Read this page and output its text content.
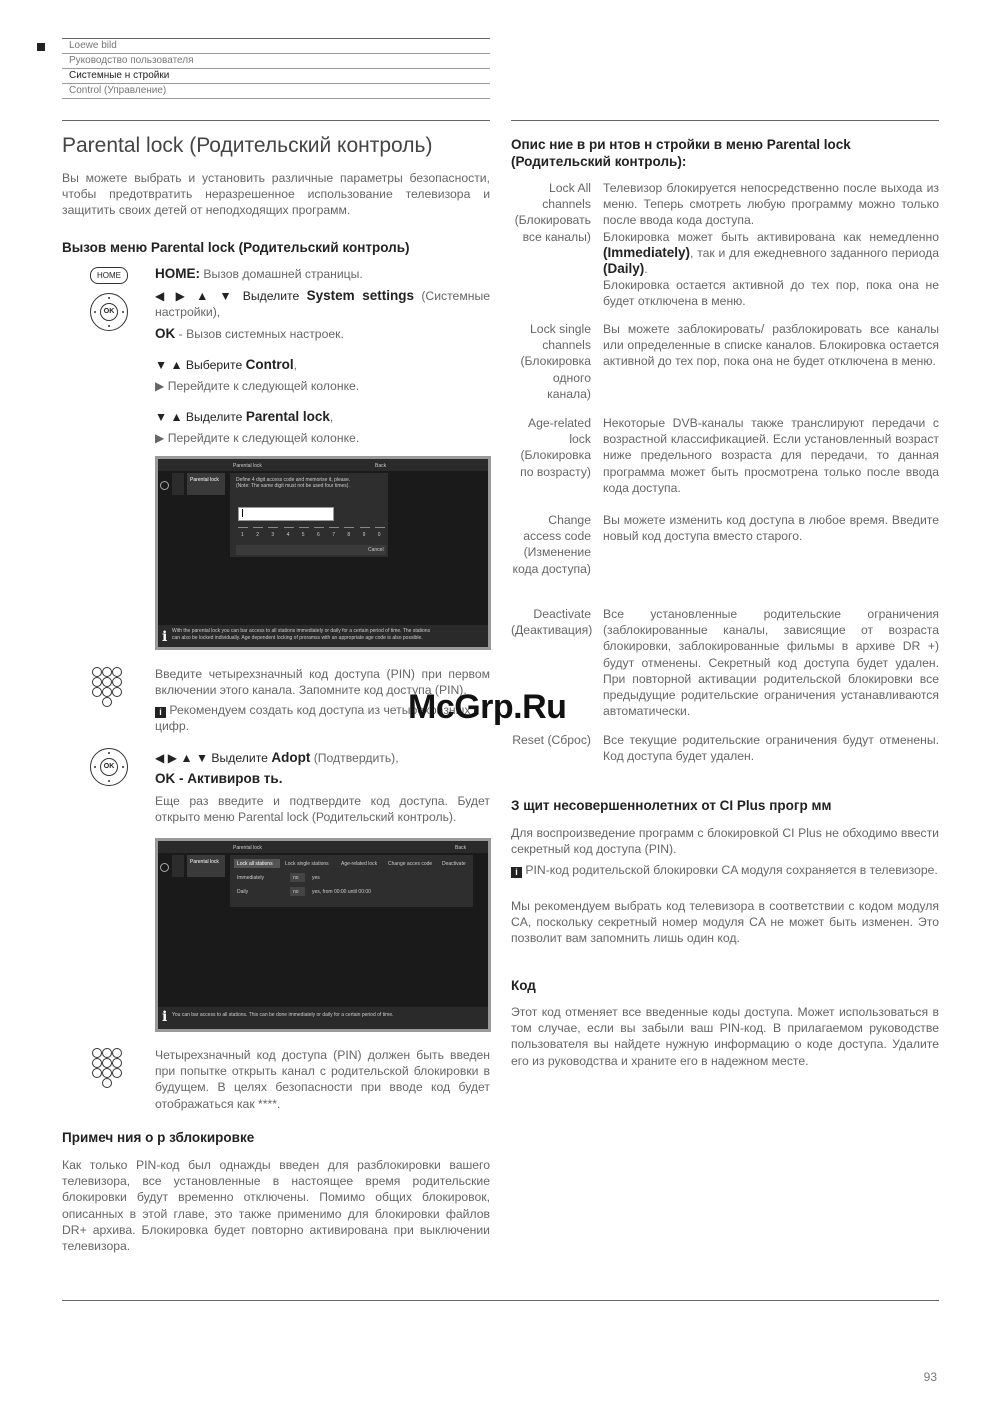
Loewe bild
Руководство пользователя
Системные н стройки
Control (Управление)
Parental lock (Родительский контроль)
Вы можете выбрать и установить различные параметры безопасности, чтобы предотвратить неразрешенное использование телевизора и защитить своих детей от неподходящих программ.
Вызов меню Parental lock (Родительский контроль)
HOME
OK
HOME: Вызов домашней страницы.
◀ ▶ ▲ ▼ Выделите System settings (Системные настройки),
OK - Вызов системных настроек.
▼ ▲ Выберите Control,
▶ Перейдите к следующей колонке.
▼ ▲ Выделите Parental lock,
▶ Перейдите к следующей колонке.
Parental lock	Back
Parental lock	Define 4 digit access code and memorise it, please.
(Note: The same digit must not be used four times).
1 2 3 4 5 6 7 8 9 0
Cancel
i With the parental lock you can bar access to all stations immediately or daily for a certain period of time. The stations
can also be locked individually. Age dependent locking of proramss with an appropriate age code is also possible.
Введите четырехзначный код доступа (PIN) при первом включении этого канала. Запомните код доступа (PIN).
i Рекомендуем создать код доступа из четырехразных цифр.
OK
◀ ▶ ▲ ▼ Выделите Adopt (Подтвердить),
OK - Активиров ть.
Еще раз введите и подтвердите код доступа. Будет открыто меню Parental lock (Родительский контроль).
Parental lock	Back
Parental lock	Lock all stations Lock single stations Age-related lock Change acces code Deactivate
Immediately	no	yes
Daily	no	yes, from 00:00 until 00:00
i You can bar access to all stations. This can be done immediately or daily for a certain period of time.
Четырехзначный код доступа (PIN) должен быть введен при попытке открыть канал с родительской блокировки в будущем. В целях безопасности при вводе код будет отображаться как ****.
Примеч ния о р зблокировке
Как только PIN-код был однажды введен для разблокировки вашего телевизора, все установленные в настоящее время родительские блокировки будут временно отключены. Помимо общих блокировок, описанных в этой главе, это также применимо для блокировки файлов DR+ архива. Блокировка будет повторно активирована при выключении телевизора.
Опис ние в ри нтов н стройки в меню Parental lock (Родительский контроль):
Lock All channels (Блокировать все каналы)
Телевизор блокируется непосредственно после выхода из меню. Теперь смотреть любую программу можно только после ввода кода доступа.
Блокировка может быть активирована как немедленно (Immediately), так и для ежедневного заданного периода (Daily).
Блокировка остается активной до тех пор, пока она не будет отключена в меню.
Lock single channels (Блокировка одного канала)
Вы можете заблокировать/ разблокировать все каналы или определенные в списке каналов. Блокировка остается активной до тех пор, пока она не будет отключена в меню.
Age-related lock (Блокировка по возрасту)
Некоторые DVB-каналы также транслируют передачи с возрастной классификацией. Если установленный возраст ниже предельного возраста для передачи, то данная программа может быть просмотрена только после ввода кода доступа.
Change access code (Изменение кода доступа)
Вы можете изменить код доступа в любое время. Введите новый код доступа вместо старого.
Deactivate (Деактивация)
Все установленные родительские ограничения (заблокированные каналы, зависящие от возраста блокировки, заблокированные фильмы в архиве DR +) будут отменены. Секретный код доступа будет удален. При повторной активации родительской блокировки все предыдущие родительские ограничения устанавливаются автоматически.
Reset (Сброс) Все текущие родительские ограничения будут отменены. Код доступа будет удален.
З щит несовершеннолетних от CI Plus прогр мм
Для воспроизведение программ с блокировкой CI Plus не обходимо ввести секретный код доступа (PIN).
i PIN-код родительской блокировки CA модуля сохраняется в телевизоре.
Мы рекомендуем выбрать код телевизора в соответствии с кодом модуля CA, поскольку секретный номер модуля CA не может быть изменен. Это позволит вам запомнить лишь один код.
Код
Этот код отменяет все введенные коды доступа. Может использоваться в том случае, если вы забыли ваш PIN-код. В прилагаемом руководстве пользователя вы найдете нужную информацию о коде доступа. Удалите его из руководства и храните его в надежном месте.
McGrp.Ru
93
